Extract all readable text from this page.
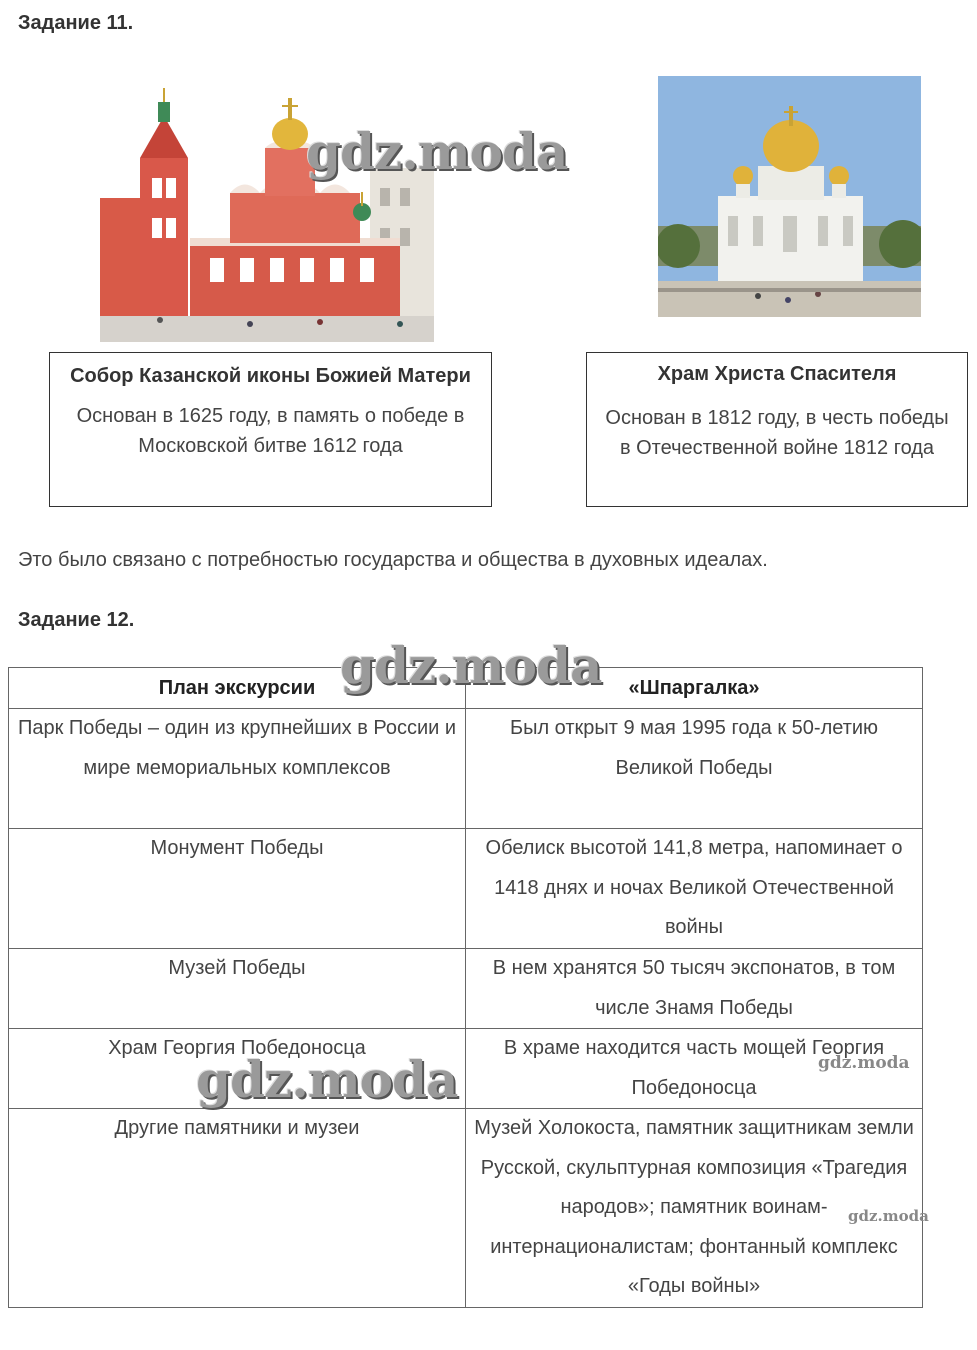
Задание 11.
Собор Казанской иконы Божией Матери
Основан в 1625 году, в память о победе в Московской битве 1612 года
Храм Христа Спасителя
Основан в 1812 году, в честь победы в Отечественной войне 1812 года
Это было связано с потребностью государства и общества в духовных идеалах.
Задание 12.
План экскурсии	«Шпаргалка»
Парк Победы – один из крупнейших в России и мире мемориальных комплексов	Был открыт 9 мая 1995 года к 50-летию Великой Победы
Монумент Победы	Обелиск высотой 141,8 метра, напоминает о 1418 днях и ночах Великой Отечественной войны
Музей Победы	В нем хранятся 50 тысяч экспонатов, в том числе Знамя Победы
Храм Георгия Победоносца	В храме находится часть мощей Георгия Победоносца
Другие памятники и музеи	Музей Холокоста, памятник защитникам земли Русской, скульптурная композиция «Трагедия народов»; памятник воинам-интернационалистам; фонтанный комплекс «Годы войны»
gdz.moda
gdz.moda
gdz.moda	gdz.moda
gdz.moda
